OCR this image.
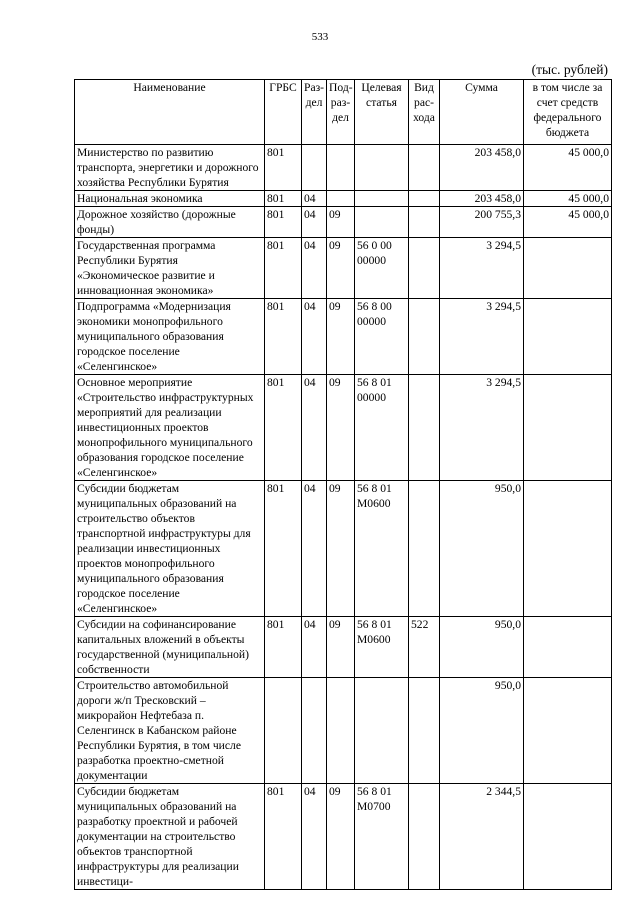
533
(тыс. рублей)
Наименование	ГРБС	Раз- дел	Под- раз- дел	Целевая статья	Вид рас- хода	Сумма	в том числе за счет средств федерального бюджета
Министерство по развитию транспорта, энергетики и дорожного хозяйства Республики Бурятия	801					203 458,0	45 000,0
Национальная экономика	801	04				203 458,0	45 000,0
Дорожное хозяйство (дорожные фонды)	801	04	09			200 755,3	45 000,0
Государственная программа Республики Бурятия «Экономическое развитие и инновационная экономика»	801	04	09	56 0 00 00000		3 294,5	
Подпрограмма «Модернизация экономики монопрофильного муниципального образования городское поселение «Селенгинское»	801	04	09	56 8 00 00000		3 294,5	
Основное мероприятие «Строительство инфраструктурных мероприятий для реализации инвестиционных проектов монопрофильного муниципального образования городское поселение «Селенгинское»	801	04	09	56 8 01 00000		3 294,5	
Субсидии бюджетам муниципальных образований на строительство объектов транспортной инфраструктуры для реализации инвестиционных проектов монопрофильного муниципального образования городское поселение «Селенгинское»	801	04	09	56 8 01 M0600		950,0	
Субсидии на софинансирование капитальных вложений в объекты государственной (муниципальной) собственности	801	04	09	56 8 01 M0600	522	950,0	
Строительство автомобильной дороги ж/п Тресковский – микрорайон Нефтебаза п. Селенгинск в Кабанском районе Республики Бурятия, в том числе разработка проектно-сметной документации						950,0	
Субсидии бюджетам муниципальных образований на разработку проектной и рабочей документации на строительство объектов транспортной инфраструктуры для реализации инвестици-	801	04	09	56 8 01 M0700		2 344,5	
